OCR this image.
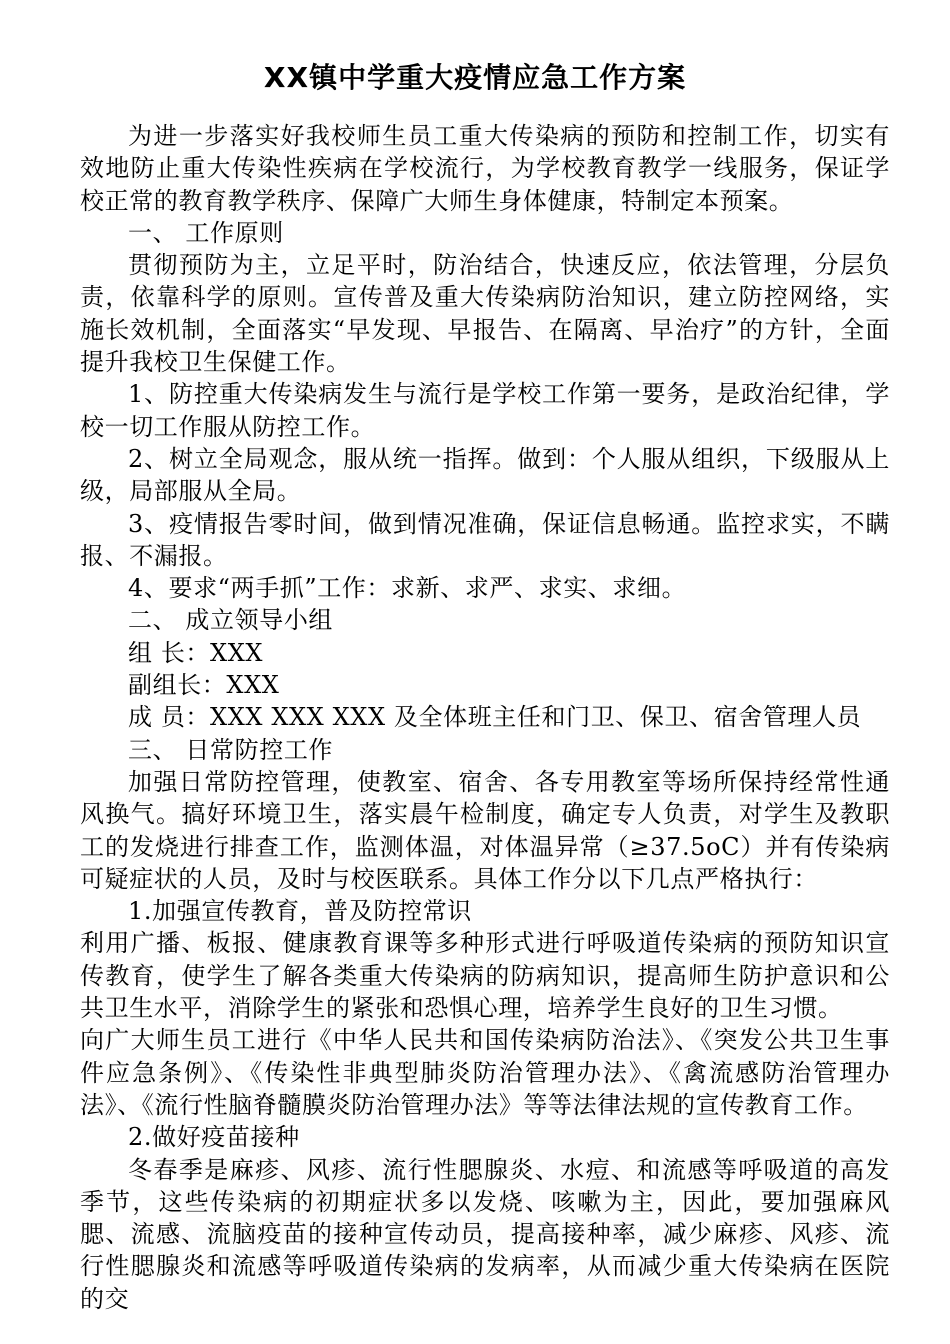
XX镇中学重大疫情应急工作方案

为进一步落实好我校师生员工重大传染病的预防和控制工作，切实有效地防止重大传染性疾病在学校流行，为学校教育教学一线服务，保证学校正常的教育教学秩序、保障广大师生身体健康，特制定本预案。

一、 工作原则

贯彻预防为主，立足平时，防治结合，快速反应，依法管理，分层负责，依靠科学的原则。宣传普及重大传染病防治知识，建立防控网络，实施长效机制，全面落实“早发现、早报告、在隔离、早治疗”的方针，全面提升我校卫生保健工作。

1、防控重大传染病发生与流行是学校工作第一要务，是政治纪律，学校一切工作服从防控工作。

2、树立全局观念，服从统一指挥。做到：个人服从组织，下级服从上级，局部服从全局。

3、疫情报告零时间，做到情况准确，保证信息畅通。监控求实，不瞒报、不漏报。

4、要求“两手抓”工作：求新、求严、求实、求细。

二、 成立领导小组

组 长：XXX

副组长：XXX

成 员：XXX XXX XXX 及全体班主任和门卫、保卫、宿舍管理人员

三、 日常防控工作

加强日常防控管理，使教室、宿舍、各专用教室等场所保持经常性通风换气。搞好环境卫生，落实晨午检制度，确定专人负责，对学生及教职工的发烧进行排查工作，监测体温，对体温异常（≥37.5oC）并有传染病可疑症状的人员，及时与校医联系。具体工作分以下几点严格执行：

1.加强宣传教育，普及防控常识

利用广播、板报、健康教育课等多种形式进行呼吸道传染病的预防知识宣传教育，使学生了解各类重大传染病的防病知识，提高师生防护意识和公共卫生水平，消除学生的紧张和恐惧心理，培养学生良好的卫生习惯。

向广大师生员工进行《中华人民共和国传染病防治法》、《突发公共卫生事件应急条例》、《传染性非典型肺炎防治管理办法》、《禽流感防治管理办法》、《流行性脑脊髓膜炎防治管理办法》等等法律法规的宣传教育工作。

2.做好疫苗接种

冬春季是麻疹、风疹、流行性腮腺炎、水痘、和流感等呼吸道的高发季节，这些传染病的初期症状多以发烧、咳嗽为主，因此，要加强麻风腮、流感、流脑疫苗的接种宣传动员，提高接种率，减少麻疹、风疹、流行性腮腺炎和流感等呼吸道传染病的发病率，从而减少重大传染病在医院的交
